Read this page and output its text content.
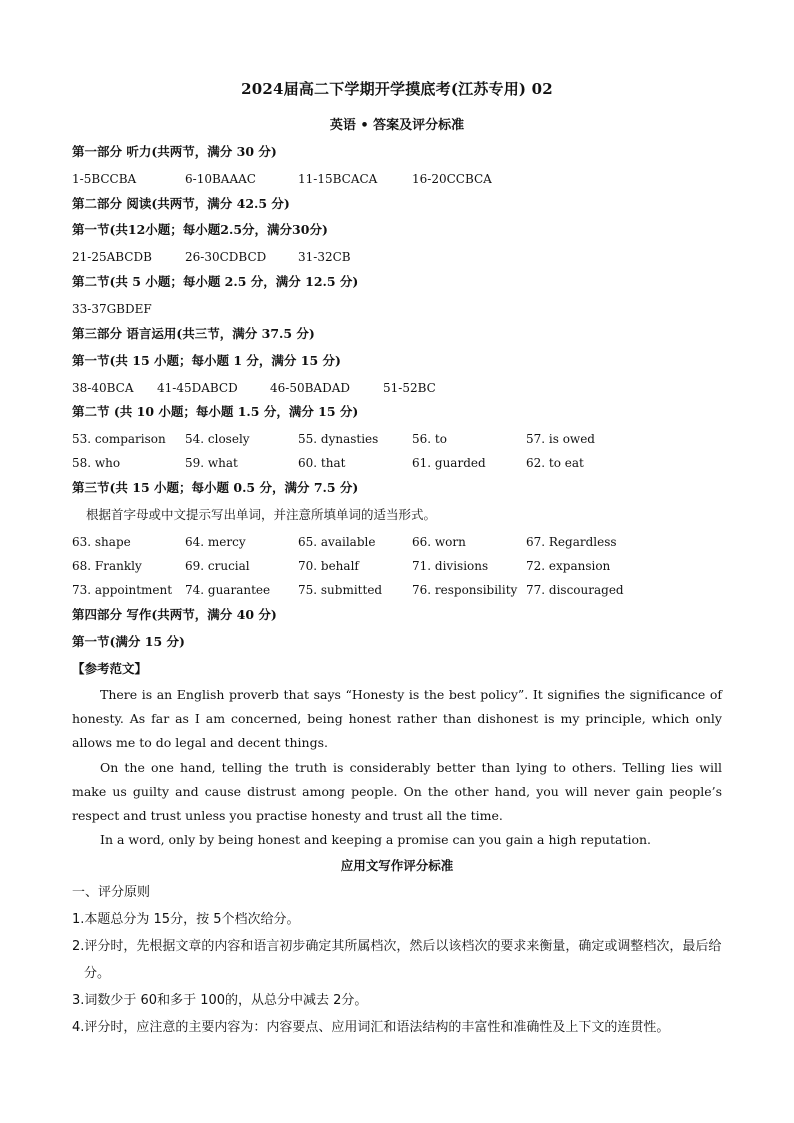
2024届高二下学期开学摸底考(江苏专用) 02
英语 • 答案及评分标准
第一部分 听力(共两节，满分 30 分)
1-5BCCBA	6-10BAAAC	11-15BCACA	16-20CCBCA
第二部分 阅读(共两节，满分 42.5 分)
第一节(共12小题；每小题2.5分，满分30分)
21-25ABCDB	26-30CDBCD	31-32CB
第二节(共 5 小题；每小题 2.5 分，满分 12.5 分)
33-37GBDEF
第三部分 语言运用(共三节，满分 37.5 分)
第一节(共 15 小题；每小题 1 分，满分 15 分)
38-40BCA 41-45DABCD	46-50BADAD	51-52BC
第二节 (共 10 小题；每小题 1.5 分，满分 15 分)
53. comparison 54. closely	55. dynasties	56. to	57. is owed
58. who	59. what	60. that	61. guarded	62. to eat
第三节(共 15 小题；每小题 0.5 分，满分 7.5 分)
根据首字母或中文提示写出单词，并注意所填单词的适当形式。
63. shape	64. mercy	65. available	66. worn	67. Regardless
68. Frankly	69. crucial	70. behalf	71. divisions	72. expansion
73. appointment 74. guarantee 75. submitted 76. responsibility 77. discouraged
第四部分 写作(共两节，满分 40 分)
第一节(满分 15 分)
【参考范文】
There is an English proverb that says “Honesty is the best policy”. It signifies the significance of honesty. As far as I am concerned, being honest rather than dishonest is my principle, which only allows me to do legal and decent things.
On the one hand, telling the truth is considerably better than lying to others. Telling lies will make us guilty and cause distrust among people. On the other hand, you will never gain people’s respect and trust unless you practise honesty and trust all the time.
In a word, only by being honest and keeping a promise can you gain a high reputation.
应用文写作评分标准
一、评分原则
1.本题总分为 15分，按 5个档次给分。
2.评分时，先根据文章的内容和语言初步确定其所属档次，然后以该档次的要求来衡量，确定或调整档次，最后给分。
3.词数少于 60和多于 100的，从总分中减去 2分。
4.评分时，应注意的主要内容为：内容要点、应用词汇和语法结构的丰富性和准确性及上下文的连贯性。
